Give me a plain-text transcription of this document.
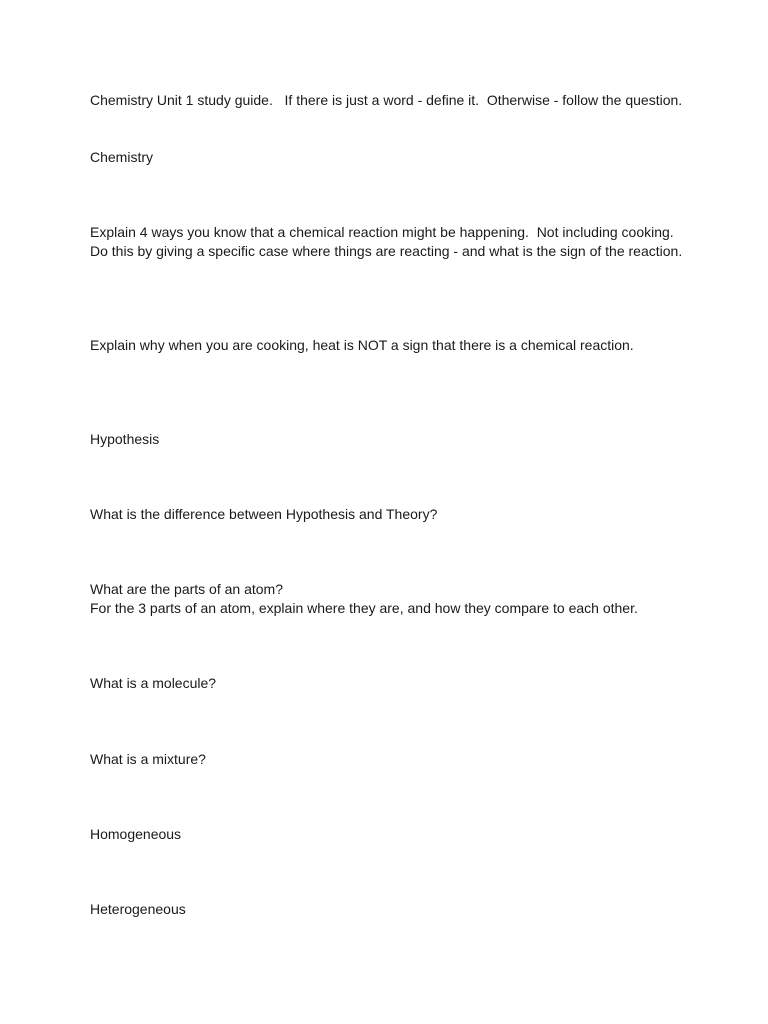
Chemistry Unit 1 study guide.   If there is just a word - define it.  Otherwise - follow the question.
Chemistry
Explain 4 ways you know that a chemical reaction might be happening.  Not including cooking.
Do this by giving a specific case where things are reacting - and what is the sign of the reaction.
Explain why when you are cooking, heat is NOT a sign that there is a chemical reaction.
Hypothesis
What is the difference between Hypothesis and Theory?
What are the parts of an atom?
For the 3 parts of an atom, explain where they are, and how they compare to each other.
What is a molecule?
What is a mixture?
Homogeneous
Heterogeneous
